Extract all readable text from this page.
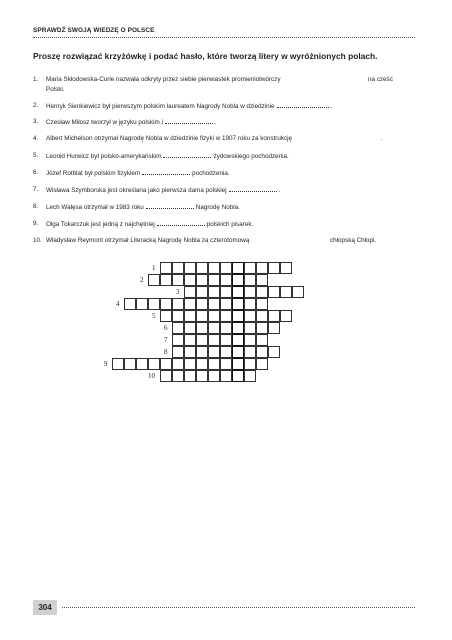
SPRAWDŹ SWOJĄ WIEDZĘ O POLSCE
Proszę rozwiązać krzyżówkę i podać hasło, które tworzą litery w wyróżnionych polach.
1.	Maria Skłodowska-Curie nazwała odkryty przez siebie pierwiastek promieniotwórczy	na cześć
Polski.
2.	Henryk Sienkiewicz był pierwszym polskim laureatem Nagrody Nobla w dziedzinie	.
3.	Czesław Miłosz tworzył w języku polskim i	.
4.	Albert Michelson otrzymał Nagrodę Nobla w dziedzinie fizyki w 1907 roku za konstrukcję	.
5.	Leonid Hurwicz był polsko-amerykańskim	żydowskiego pochodzenia.
6.	Józef Rotblat był polskim fizykiem	pochodzenia.
7.	Wisława Szymborska jest określana jako pierwsza dama polskiej	.
8.	Lech Wałęsa otrzymał w 1983 roku	Nagrodę Nobla.
9.	Olga Tokarczuk jest jedną z najchętniej	polskich pisarek.
10. Władysław Reymont otrzymał Literacką Nagrodę Nobla za czterotomową	chłopską Chłopi.
1
2
3
4
5
6
7
8
9
10
304
